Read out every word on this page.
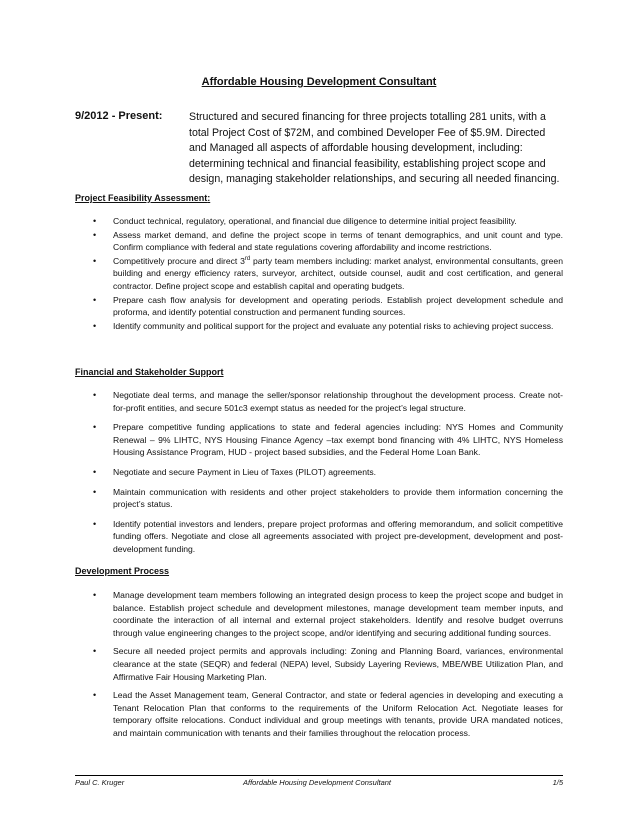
Affordable Housing Development Consultant
9/2012 - Present:	Structured and secured financing for three projects totalling 281 units, with a total Project Cost of $72M, and combined Developer Fee of $5.9M. Directed and Managed all aspects of affordable housing development, including: determining technical and financial feasibility, establishing project scope and design, managing stakeholder relationships, and securing all needed financing.
Project Feasibility Assessment:
• Conduct technical, regulatory, operational, and financial due diligence to determine initial project feasibility.
• Assess market demand, and define the project scope in terms of tenant demographics, and unit count and type. Confirm compliance with federal and state regulations covering affordability and income restrictions.
• Competitively procure and direct 3rd party team members including: market analyst, environmental consultants, green building and energy efficiency raters, surveyor, architect, outside counsel, audit and cost certification, and general contractor. Define project scope and establish capital and operating budgets.
• Prepare cash flow analysis for development and operating periods. Establish project development schedule and proforma, and identify potential construction and permanent funding sources.
• Identify community and political support for the project and evaluate any potential risks to achieving project success.
Financial and Stakeholder Support
• Negotiate deal terms, and manage the seller/sponsor relationship throughout the development process. Create not-for-profit entities, and secure 501c3 exempt status as needed for the project’s legal structure.
• Prepare competitive funding applications to state and federal agencies including: NYS Homes and Community Renewal – 9% LIHTC, NYS Housing Finance Agency –tax exempt bond financing with 4% LIHTC, NYS Homeless Housing Assistance Program, HUD - project based subsidies, and the Federal Home Loan Bank.
• Negotiate and secure Payment in Lieu of Taxes (PILOT) agreements.
• Maintain communication with residents and other project stakeholders to provide them information concerning the project’s status.
• Identify potential investors and lenders, prepare project proformas and offering memorandum, and solicit competitive funding offers. Negotiate and close all agreements associated with project pre-development, development and post-development funding.
Development Process
• Manage development team members following an integrated design process to keep the project scope and budget in balance. Establish project schedule and development milestones, manage development team member inputs, and coordinate the interaction of all internal and external project stakeholders. Identify and resolve budget overruns through value engineering changes to the project scope, and/or identifying and securing additional funding sources.
• Secure all needed project permits and approvals including: Zoning and Planning Board, variances, environmental clearance at the state (SEQR) and federal (NEPA) level, Subsidy Layering Reviews, MBE/WBE Utilization Plan, and Affirmative Fair Housing Marketing Plan.
• Lead the Asset Management team, General Contractor, and state or federal agencies in developing and executing a Tenant Relocation Plan that conforms to the requirements of the Uniform Relocation Act. Negotiate leases for temporary offsite relocations. Conduct individual and group meetings with tenants, provide URA mandated notices, and maintain communication with tenants and their families throughout the relocation process.
Paul C. Kruger	Affordable Housing Development Consultant	1/5
